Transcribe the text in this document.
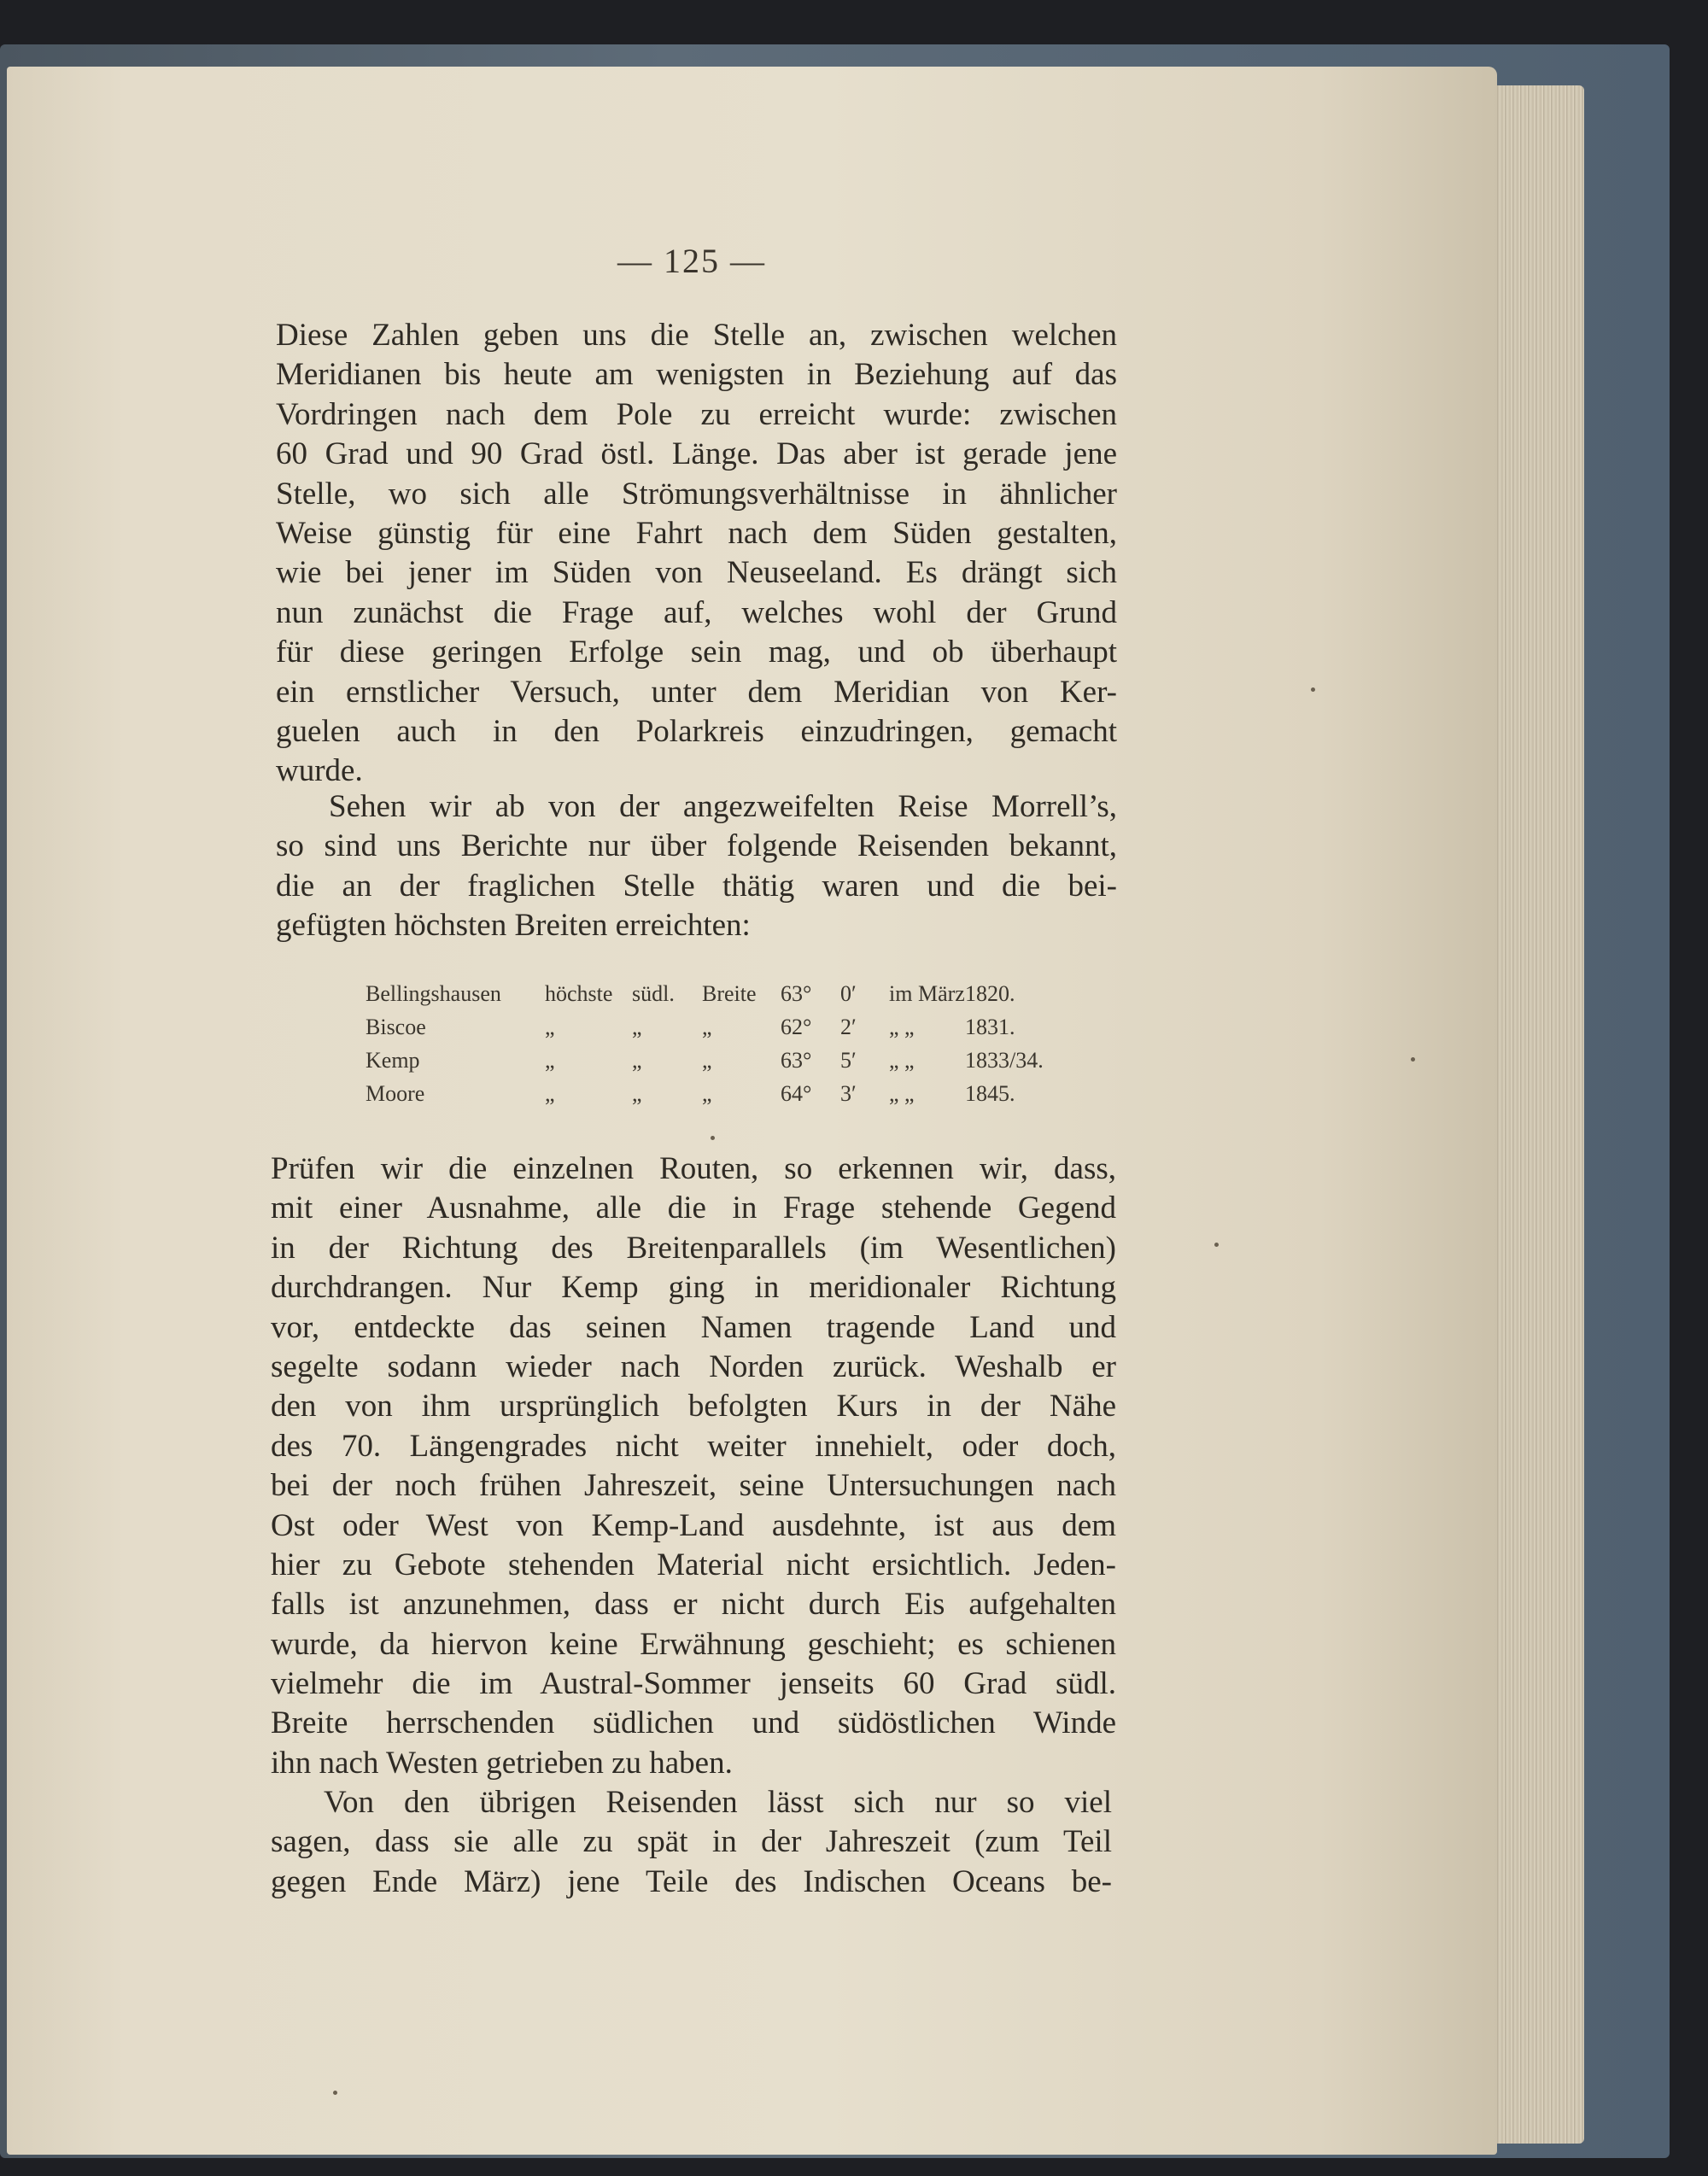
— 125 —
Diese Zahlen geben uns die Stelle an, zwischen welchen
Meridianen bis heute am wenigsten in Beziehung auf das
Vordringen nach dem Pole zu erreicht wurde: zwischen
60 Grad und 90 Grad östl. Länge. Das aber ist gerade jene
Stelle, wo sich alle Strömungsverhältnisse in ähnlicher
Weise günstig für eine Fahrt nach dem Süden gestalten,
wie bei jener im Süden von Neuseeland. Es drängt sich
nun zunächst die Frage auf, welches wohl der Grund
für diese geringen Erfolge sein mag, und ob überhaupt
ein ernstlicher Versuch, unter dem Meridian von Ker-
guelen auch in den Polarkreis einzudringen, gemacht
wurde.
Sehen wir ab von der angezweifelten Reise Morrell’s,
so sind uns Berichte nur über folgende Reisenden bekannt,
die an der fraglichen Stelle thätig waren und die bei-
gefügten höchsten Breiten erreichten:
Bellingshausen höchste südl. Breite 63° 0′ im März 1820.
Biscoe	„	„	„	62° 2′ „ „ 1831.
Kemp	„	„	„	63° 5′ „ „ 1833/34.
Moore	„	„	„	64° 3′ „ „ 1845.
Prüfen wir die einzelnen Routen, so erkennen wir, dass,
mit einer Ausnahme, alle die in Frage stehende Gegend
in der Richtung des Breitenparallels (im Wesentlichen)
durchdrangen. Nur Kemp ging in meridionaler Richtung
vor, entdeckte das seinen Namen tragende Land und
segelte sodann wieder nach Norden zurück. Weshalb er
den von ihm ursprünglich befolgten Kurs in der Nähe
des 70. Längengrades nicht weiter innehielt, oder doch,
bei der noch frühen Jahreszeit, seine Untersuchungen nach
Ost oder West von Kemp-Land ausdehnte, ist aus dem
hier zu Gebote stehenden Material nicht ersichtlich. Jeden-
falls ist anzunehmen, dass er nicht durch Eis aufgehalten
wurde, da hiervon keine Erwähnung geschieht; es schienen
vielmehr die im Austral-Sommer jenseits 60 Grad südl.
Breite herrschenden südlichen und südöstlichen Winde
ihn nach Westen getrieben zu haben.
Von den übrigen Reisenden lässt sich nur so viel
sagen, dass sie alle zu spät in der Jahreszeit (zum Teil
gegen Ende März) jene Teile des Indischen Oceans be-
